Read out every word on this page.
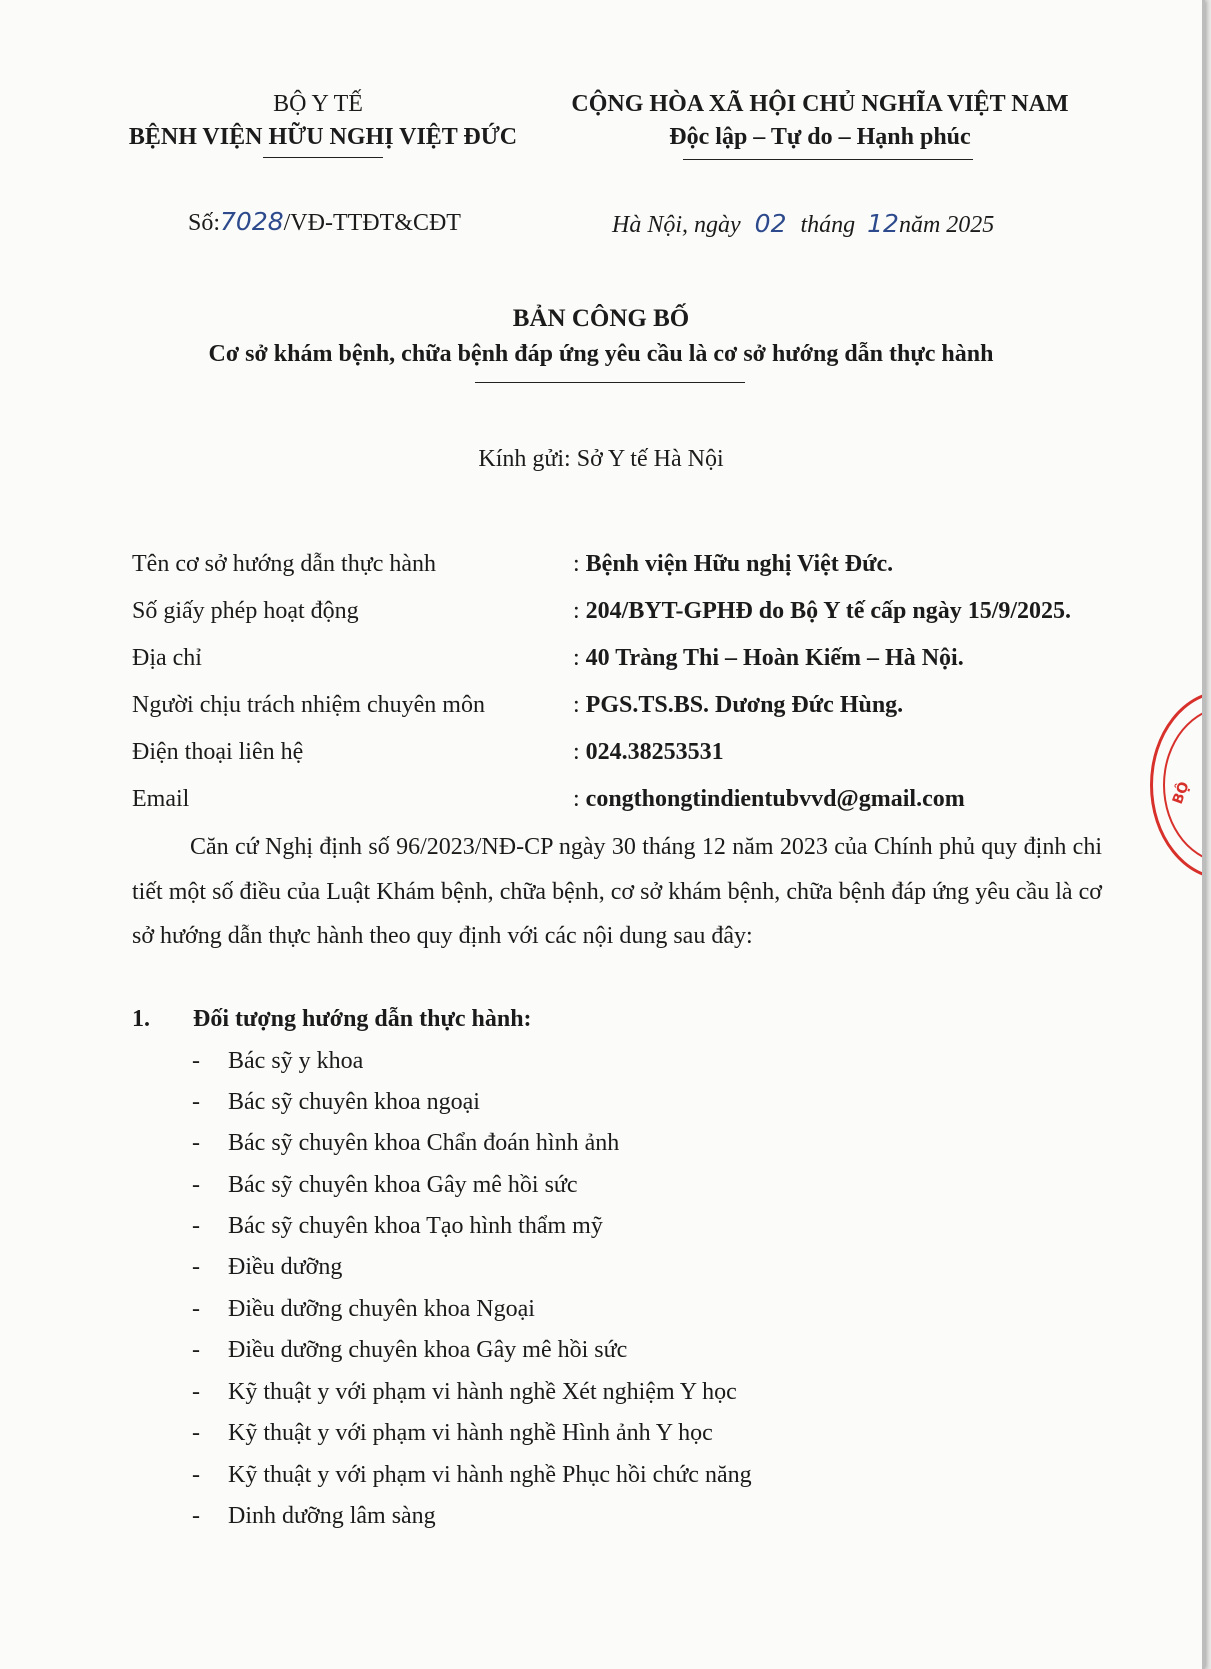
BỘ Y TẾ
BỆNH VIỆN HỮU NGHỊ VIỆT ĐỨC
CỘNG HÒA XÃ HỘI CHỦ NGHĨA VIỆT NAM
Độc lập – Tự do – Hạnh phúc
Số:7028/VĐ-TTĐT&CĐT	Hà Nội, ngày 02 tháng 12năm 2025
BẢN CÔNG BỐ
Cơ sở khám bệnh, chữa bệnh đáp ứng yêu cầu là cơ sở hướng dẫn thực hành
Kính gửi: Sở Y tế Hà Nội
Tên cơ sở hướng dẫn thực hành	: Bệnh viện Hữu nghị Việt Đức.
Số giấy phép hoạt động	: 204/BYT-GPHĐ do Bộ Y tế cấp ngày 15/9/2025.
Địa chỉ	: 40 Tràng Thi – Hoàn Kiếm – Hà Nội.
Người chịu trách nhiệm chuyên môn	: PGS.TS.BS. Dương Đức Hùng.
Điện thoại liên hệ	: 024.38253531
Email	: congthongtindientubvvd@gmail.com
Căn cứ Nghị định số 96/2023/NĐ-CP ngày 30 tháng 12 năm 2023 của Chính phủ quy định chi tiết một số điều của Luật Khám bệnh, chữa bệnh, cơ sở khám bệnh, chữa bệnh đáp ứng yêu cầu là cơ sở hướng dẫn thực hành theo quy định với các nội dung sau đây:
1. Đối tượng hướng dẫn thực hành:
- Bác sỹ y khoa
- Bác sỹ chuyên khoa ngoại
- Bác sỹ chuyên khoa Chẩn đoán hình ảnh
- Bác sỹ chuyên khoa Gây mê hồi sức
- Bác sỹ chuyên khoa Tạo hình thẩm mỹ
- Điều dưỡng
- Điều dưỡng chuyên khoa Ngoại
- Điều dưỡng chuyên khoa Gây mê hồi sức
- Kỹ thuật y với phạm vi hành nghề Xét nghiệm Y học
- Kỹ thuật y với phạm vi hành nghề Hình ảnh Y học
- Kỹ thuật y với phạm vi hành nghề Phục hồi chức năng
- Dinh dưỡng lâm sàng
BỘ
